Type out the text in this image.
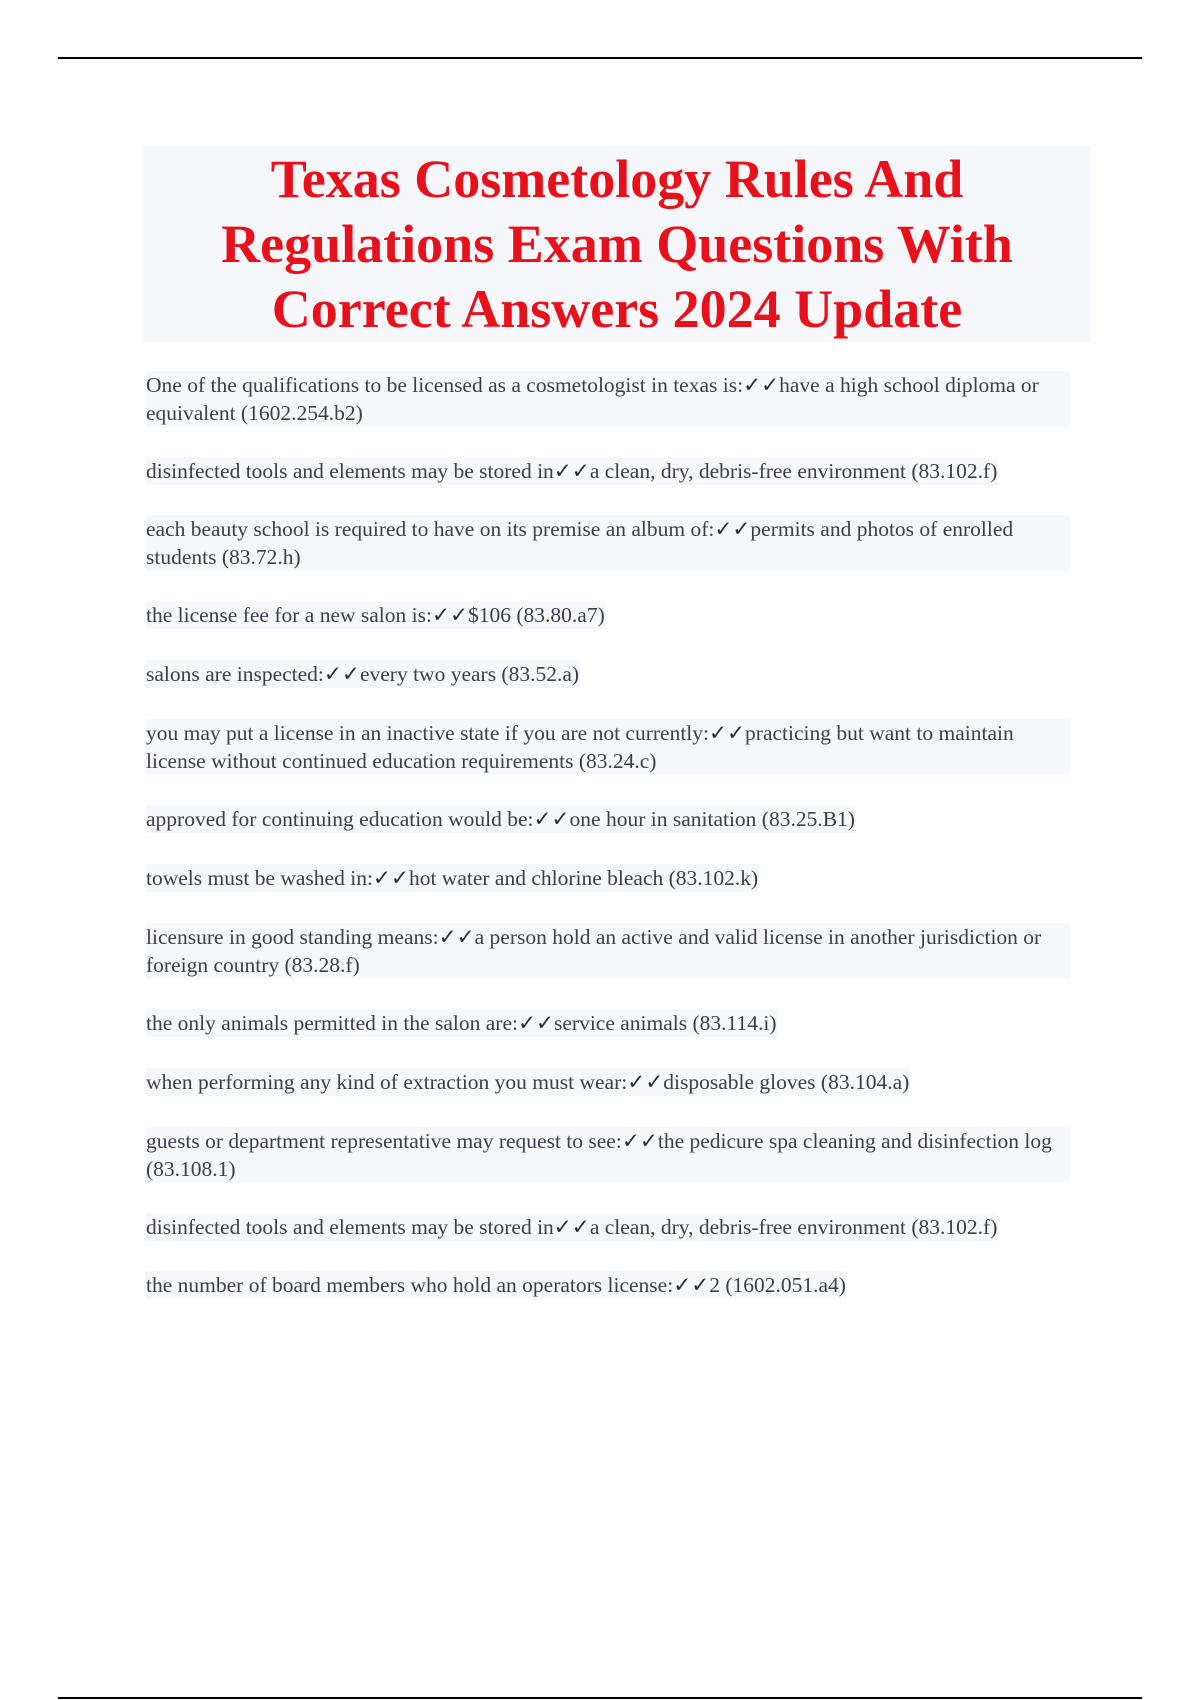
Texas Cosmetology Rules And Regulations Exam Questions With Correct Answers 2024 Update

One of the qualifications to be licensed as a cosmetologist in texas is:✓✓have a high school diploma or equivalent (1602.254.b2)

disinfected tools and elements may be stored in✓✓a clean, dry, debris-free environment (83.102.f)

each beauty school is required to have on its premise an album of:✓✓permits and photos of enrolled students (83.72.h)

the license fee for a new salon is:✓✓$106 (83.80.a7)

salons are inspected:✓✓every two years (83.52.a)

you may put a license in an inactive state if you are not currently:✓✓practicing but want to maintain license without continued education requirements (83.24.c)

approved for continuing education would be:✓✓one hour in sanitation (83.25.B1)

towels must be washed in:✓✓hot water and chlorine bleach (83.102.k)

licensure in good standing means:✓✓a person hold an active and valid license in another jurisdiction or foreign country (83.28.f)

the only animals permitted in the salon are:✓✓service animals (83.114.i)

when performing any kind of extraction you must wear:✓✓disposable gloves (83.104.a)

guests or department representative may request to see:✓✓the pedicure spa cleaning and disinfection log (83.108.1)

disinfected tools and elements may be stored in✓✓a clean, dry, debris-free environment (83.102.f)

the number of board members who hold an operators license:✓✓2 (1602.051.a4)
